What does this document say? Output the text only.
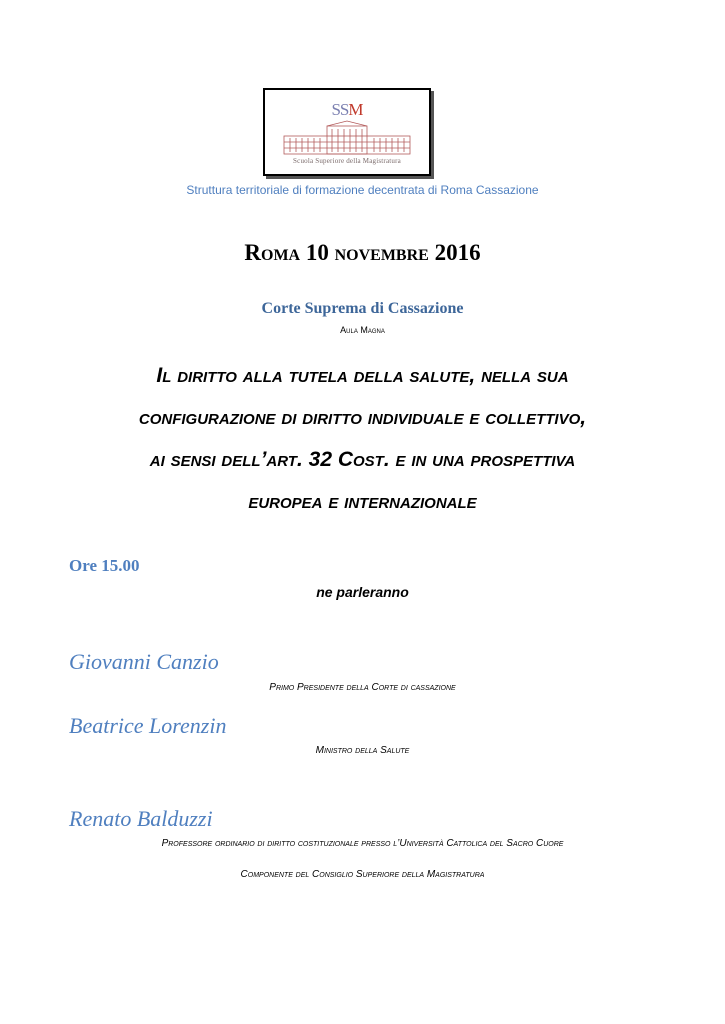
SSM
Scuola Superiore della Magistratura
Struttura territoriale di formazione decentrata di Roma Cassazione
Roma 10 novembre 2016
Corte Suprema di Cassazione
Aula Magna
Il diritto alla tutela della salute, nella sua
configurazione di diritto individuale e collettivo,
ai sensi dell’art. 32 Cost. e in una prospettiva
europea e internazionale
Ore 15.00
ne parleranno
Giovanni Canzio
Primo Presidente della Corte di cassazione
Beatrice Lorenzin
Ministro della Salute
Renato Balduzzi
Professore ordinario di diritto costituzionale presso l’Università Cattolica del Sacro Cuore
Componente del Consiglio Superiore della Magistratura
